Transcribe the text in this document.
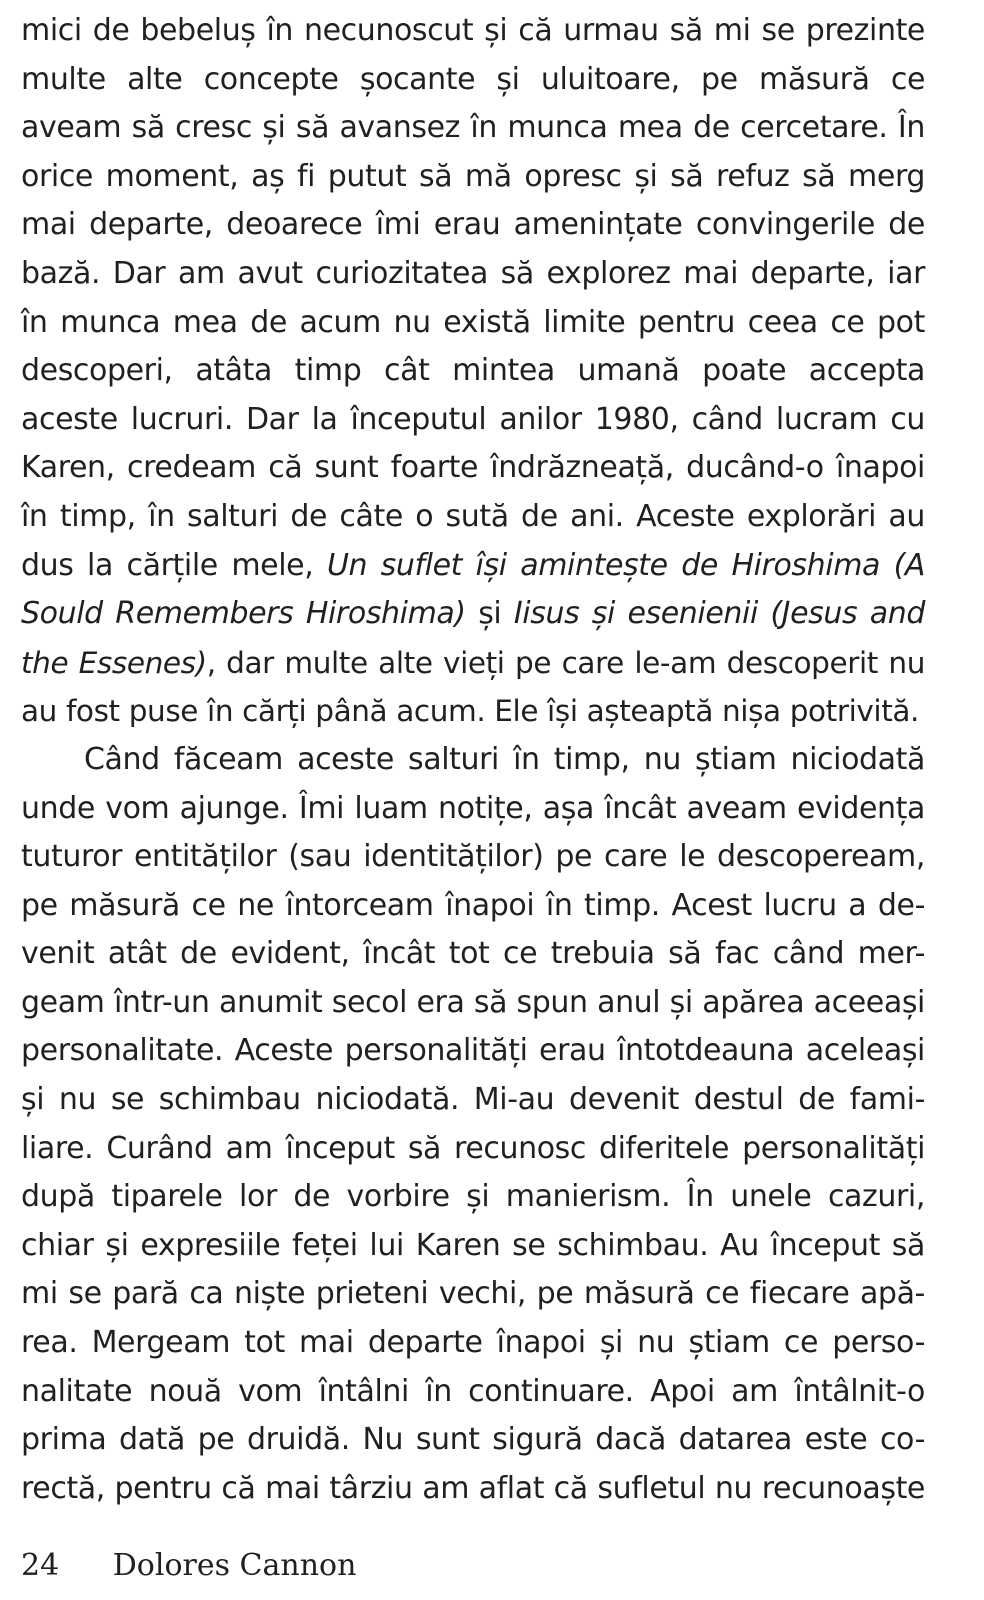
mici de bebeluș în necunoscut și că urmau să mi se prezinte
multe alte concepte șocante și uluitoare, pe măsură ce
aveam să cresc și să avansez în munca mea de cercetare. În
orice moment, aș fi putut să mă opresc și să refuz să merg
mai departe, deoarece îmi erau amenințate convingerile de
bază. Dar am avut curiozitatea să explorez mai departe, iar
în munca mea de acum nu există limite pentru ceea ce pot
descoperi, atâta timp cât mintea umană poate accepta
aceste lucruri. Dar la începutul anilor 1980, când lucram cu
Karen, credeam că sunt foarte îndrăzneață, ducând-o înapoi
în timp, în salturi de câte o sută de ani. Aceste explorări au
dus la cărțile mele, Un suflet își amintește de Hiroshima (A
Sould Remembers Hiroshima) și Iisus și esenienii (Jesus and
the Essenes), dar multe alte vieți pe care le-am descoperit nu
au fost puse în cărți până acum. Ele își așteaptă nișa potrivită.
Când făceam aceste salturi în timp, nu știam niciodată
unde vom ajunge. Îmi luam notițe, așa încât aveam evidența
tuturor entităților (sau identităților) pe care le descopeream,
pe măsură ce ne întorceam înapoi în timp. Acest lucru a de-
venit atât de evident, încât tot ce trebuia să fac când mer-
geam într-un anumit secol era să spun anul și apărea aceeași
personalitate. Aceste personalități erau întotdeauna aceleași
și nu se schimbau niciodată. Mi-au devenit destul de fami-
liare. Curând am început să recunosc diferitele personalități
după tiparele lor de vorbire și manierism. În unele cazuri,
chiar și expresiile feței lui Karen se schimbau. Au început să
mi se pară ca niște prieteni vechi, pe măsură ce fiecare apă-
rea. Mergeam tot mai departe înapoi și nu știam ce perso-
nalitate nouă vom întâlni în continuare. Apoi am întâlnit-o
prima dată pe druidă. Nu sunt sigură dacă datarea este co-
rectă, pentru că mai târziu am aflat că sufletul nu recunoaște
24 Dolores Cannon
